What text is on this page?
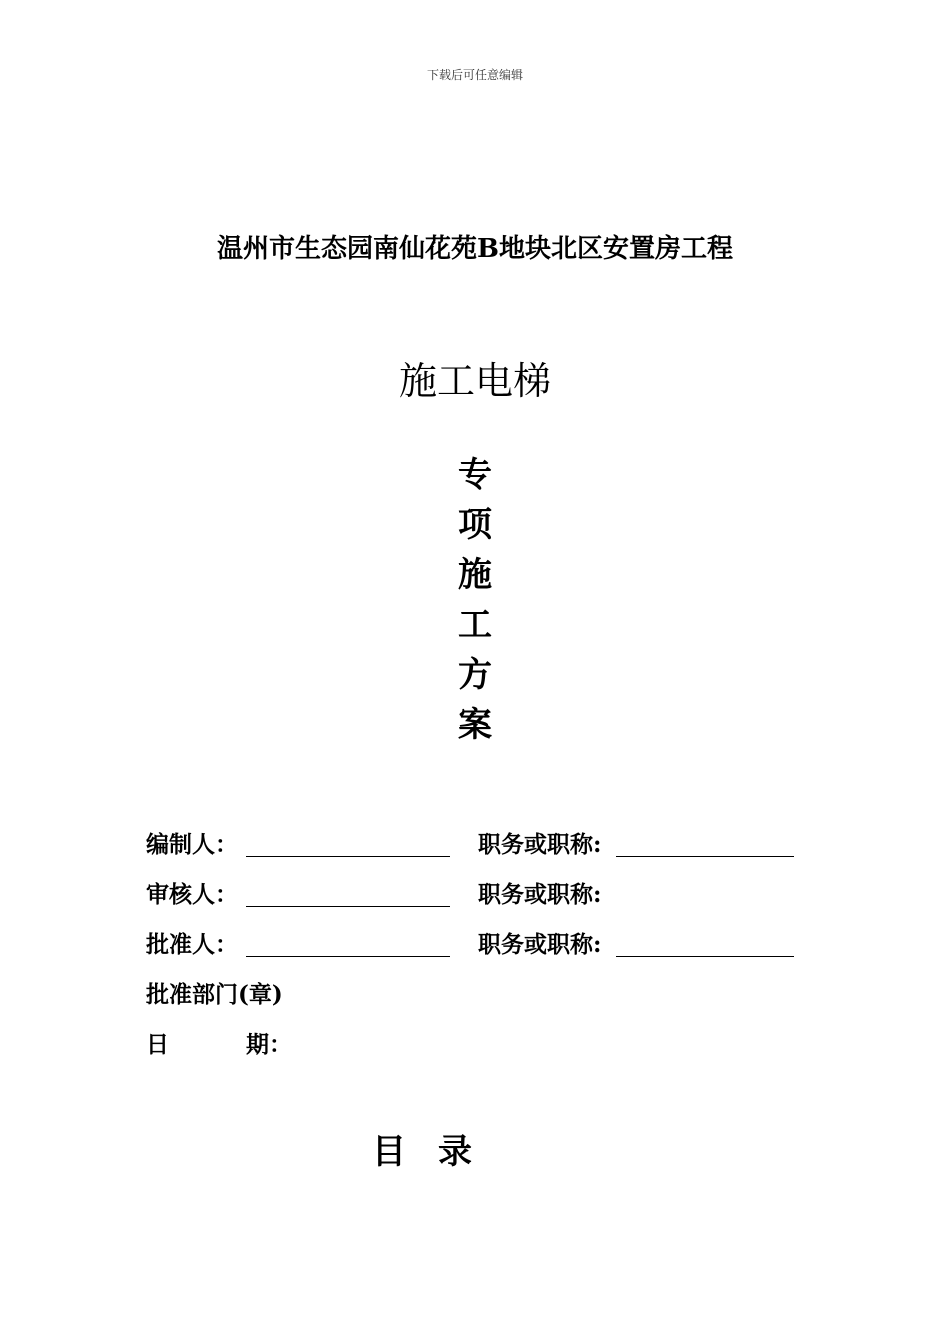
下载后可任意编辑
温州市生态园南仙花苑B地块北区安置房工程
施工电梯
专
项
施
工
方
案
编制人：	职务或职称:
审核人：	职务或职称:
批准人：	职务或职称:
批准部门(章)
日	期：
目 录
